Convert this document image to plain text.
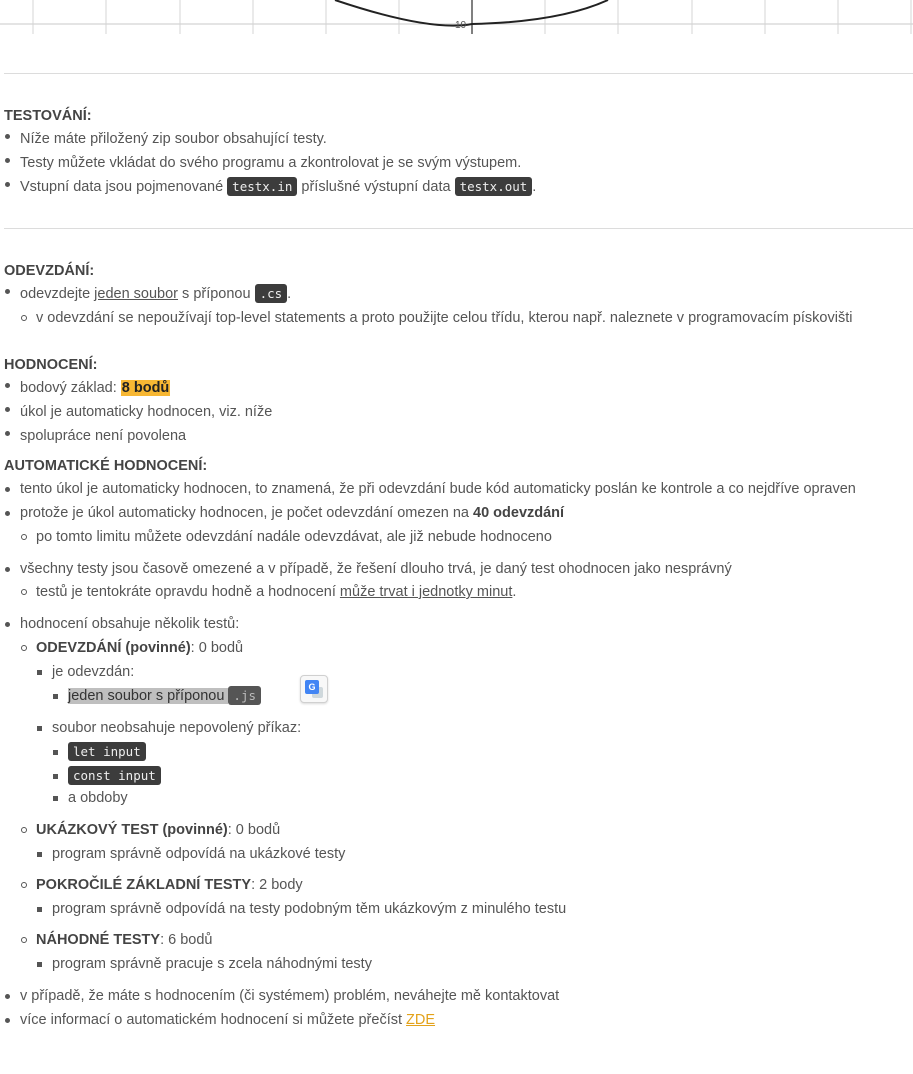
10
TESTOVÁNÍ:
Níže máte přiložený zip soubor obsahující testy.
Testy můžete vkládat do svého programu a zkontrolovat je se svým výstupem.
Vstupní data jsou pojmenované testx.in příslušné výstupní data testx.out .
ODEVZDÁNÍ:
odevzdejte jeden soubor s příponou .cs .
v odevzdání se nepoužívají top-level statements a proto použijte celou třídu, kterou např. naleznete v programovacím pískovišti
HODNOCENÍ:
bodový základ: 8 bodů
úkol je automaticky hodnocen, viz. níže
spolupráce není povolena
AUTOMATICKÉ HODNOCENÍ:
tento úkol je automaticky hodnocen, to znamená, že při odevzdání bude kód automaticky poslán ke kontrole a co nejdříve opraven
protože je úkol automaticky hodnocen, je počet odevzdání omezen na 40 odevzdání
po tomto limitu můžete odevzdání nadále odevzdávat, ale již nebude hodnoceno
všechny testy jsou časově omezené a v případě, že řešení dlouho trvá, je daný test ohodnocen jako nesprávný
testů je tentokráte opravdu hodně a hodnocení může trvat i jednotky minut.
hodnocení obsahuje několik testů:
ODEVZDÁNÍ (povinné): 0 bodů
je odevzdán:
jeden soubor s příponou .js
soubor neobsahuje nepovolený příkaz:
let input
const input
a obdoby
UKÁZKOVÝ TEST (povinné): 0 bodů
program správně odpovídá na ukázkové testy
POKROČILÉ ZÁKLADNÍ TESTY: 2 body
program správně odpovídá na testy podobným těm ukázkovým z minulého testu
NÁHODNÉ TESTY: 6 bodů
program správně pracuje s zcela náhodnými testy
v případě, že máte s hodnocením (či systémem) problém, neváhejte mě kontaktovat
více informací o automatickém hodnocení si můžete přečíst ZDE
G
